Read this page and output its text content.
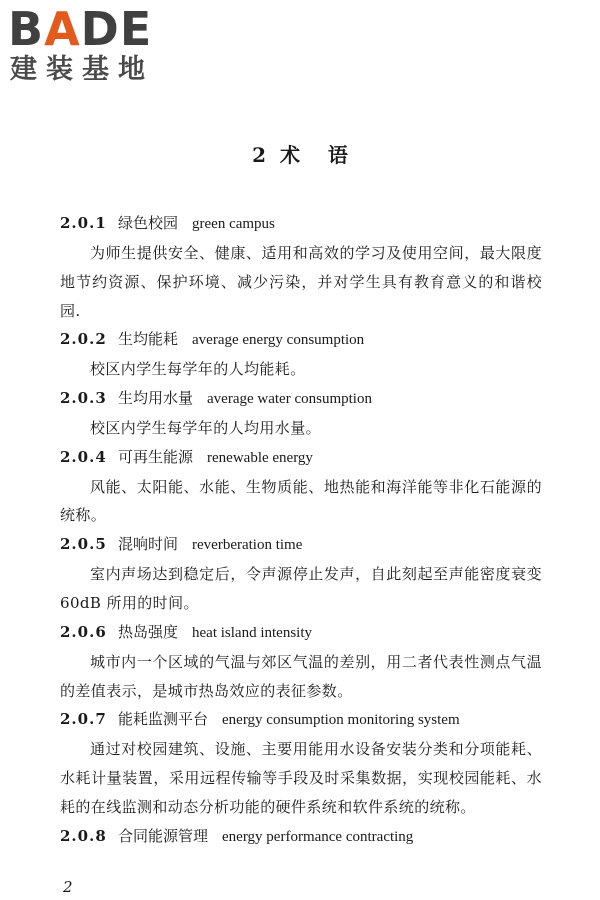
BADE
建装基地
2  术    语
2.0.1 绿色校园 green campus
为师生提供安全、健康、适用和高效的学习及使用空间，最大限度地节约资源、保护环境、减少污染，并对学生具有教育意义的和谐校园.
2.0.2 生均能耗 average energy consumption
校区内学生每学年的人均能耗。
2.0.3 生均用水量 average water consumption
校区内学生每学年的人均用水量。
2.0.4 可再生能源 renewable energy
风能、太阳能、水能、生物质能、地热能和海洋能等非化石能源的统称。
2.0.5 混响时间 reverberation time
室内声场达到稳定后，令声源停止发声，自此刻起至声能密度衰变 60dB 所用的时间。
2.0.6 热岛强度 heat island intensity
城市内一个区域的气温与郊区气温的差别，用二者代表性测点气温的差值表示，是城市热岛效应的表征参数。
2.0.7 能耗监测平台 energy consumption monitoring system
通过对校园建筑、设施、主要用能用水设备安装分类和分项能耗、水耗计量装置，采用远程传输等手段及时采集数据，实现校园能耗、水耗的在线监测和动态分析功能的硬件系统和软件系统的统称。
2.0.8 合同能源管理 energy performance contracting
2
